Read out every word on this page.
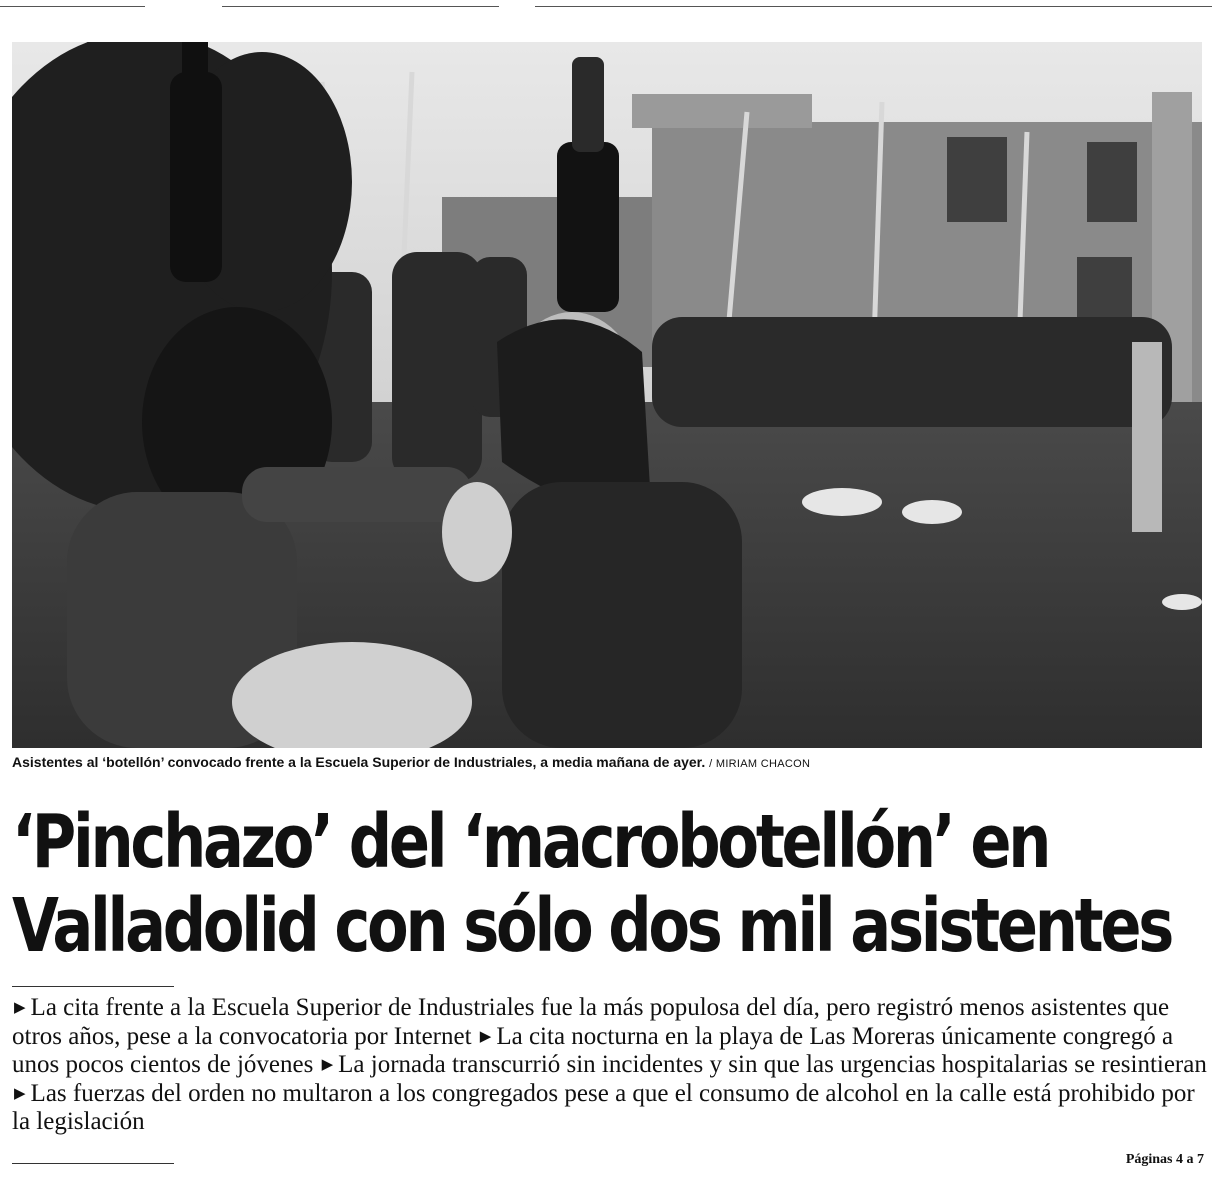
Asistentes al ‘botellón’ convocado frente a la Escuela Superior de Industriales, a media mañana de ayer. / MIRIAM CHACON
‘Pinchazo’ del ‘macrobotellón’ en
Valladolid con sólo dos mil asistentes

▶ La cita frente a la Escuela Superior de Industriales fue la más populosa del día, pero registró menos asistentes que otros años, pese a la convocatoria por Internet ▶ La cita nocturna en la playa de Las Moreras únicamente congregó a unos pocos cientos de jóvenes ▶ La jornada transcurrió sin incidentes y sin que las urgencias hospitalarias se resintieran ▶ Las fuerzas del orden no multaron a los congregados pese a que el consumo de alcohol en la calle está prohibido por la legislación

Páginas 4 a 7
